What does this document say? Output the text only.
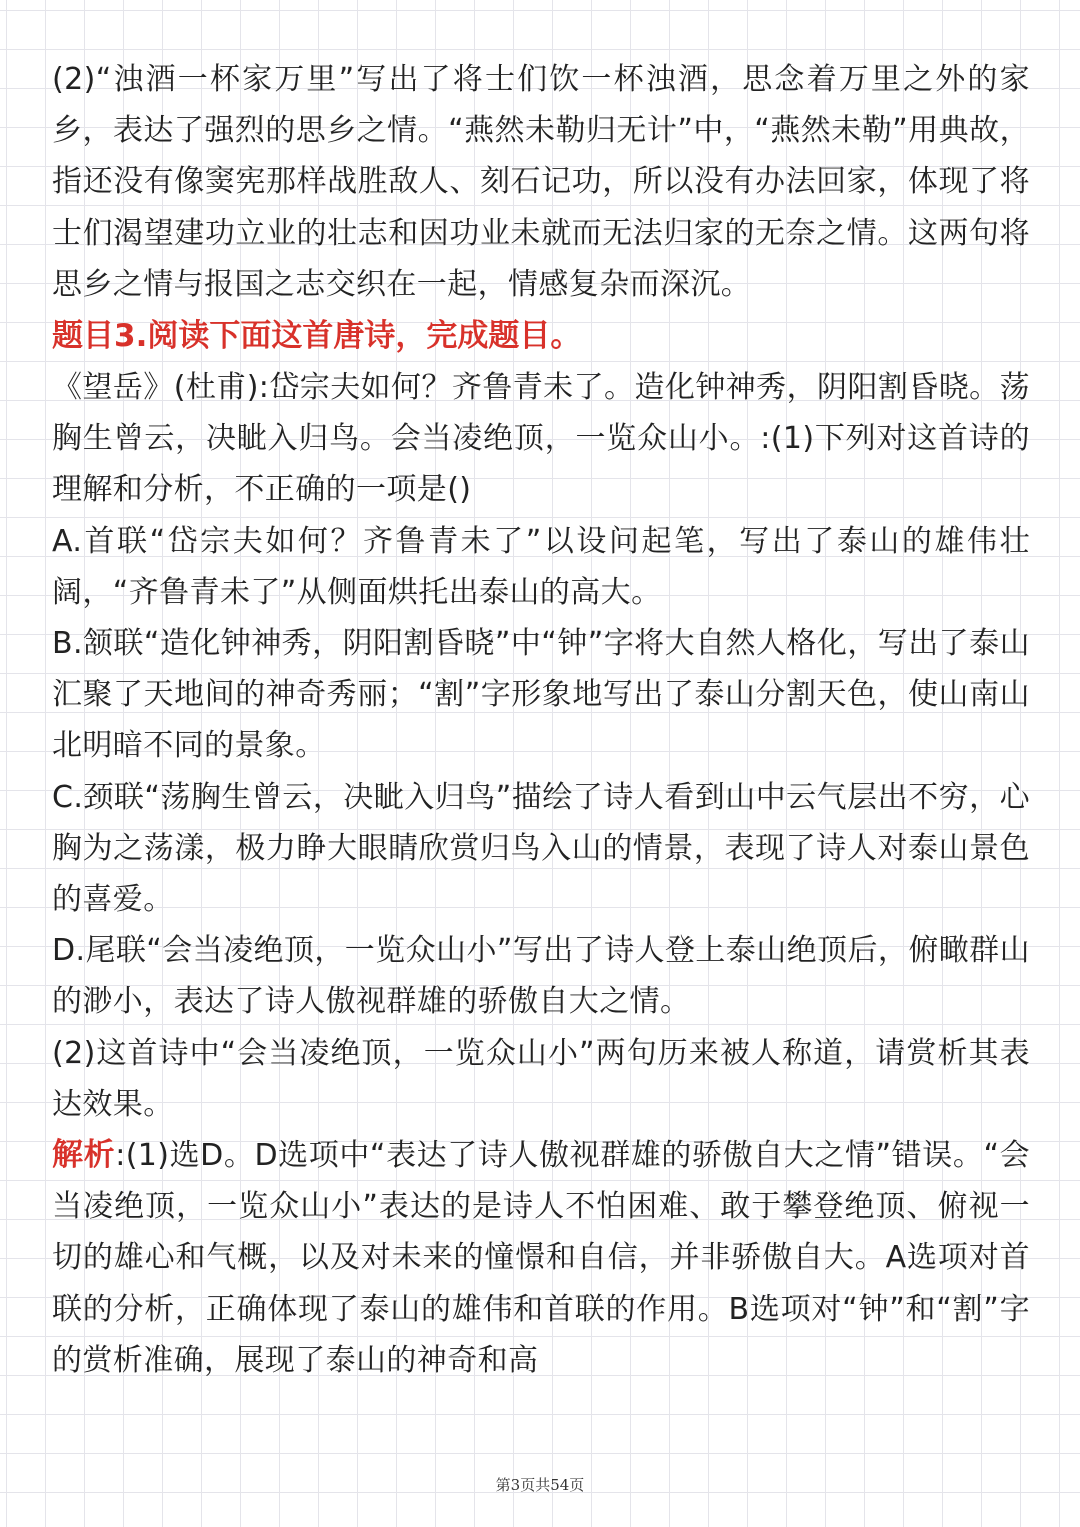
(2)“浊酒一杯家万里”写出了将士们饮一杯浊酒，思念着万里之外的家乡，表达了强烈的思乡之情。“燕然未勒归无计”中，“燕然未勒”用典故，指还没有像窦宪那样战胜敌人、刻石记功，所以没有办法回家，体现了将士们渴望建功立业的壮志和因功业未就而无法归家的无奈之情。这两句将思乡之情与报国之志交织在一起，情感复杂而深沉。

题目3.阅读下面这首唐诗，完成题目。

《望岳》(杜甫):岱宗夫如何？齐鲁青未了。造化钟神秀，阴阳割昏晓。荡胸生曾云，决眦入归鸟。会当凌绝顶，一览众山小。:(1)下列对这首诗的理解和分析，不正确的一项是()

A.首联“岱宗夫如何？齐鲁青未了”以设问起笔，写出了泰山的雄伟壮阔，“齐鲁青未了”从侧面烘托出泰山的高大。

B.颔联“造化钟神秀，阴阳割昏晓”中“钟”字将大自然人格化，写出了泰山汇聚了天地间的神奇秀丽；“割”字形象地写出了泰山分割天色，使山南山北明暗不同的景象。

C.颈联“荡胸生曾云，决眦入归鸟”描绘了诗人看到山中云气层出不穷，心胸为之荡漾，极力睁大眼睛欣赏归鸟入山的情景，表现了诗人对泰山景色的喜爱。

D.尾联“会当凌绝顶，一览众山小”写出了诗人登上泰山绝顶后，俯瞰群山的渺小，表达了诗人傲视群雄的骄傲自大之情。

(2)这首诗中“会当凌绝顶，一览众山小”两句历来被人称道，请赏析其表达效果。

解析:(1)选D。D选项中“表达了诗人傲视群雄的骄傲自大之情”错误。“会当凌绝顶，一览众山小”表达的是诗人不怕困难、敢于攀登绝顶、俯视一切的雄心和气概，以及对未来的憧憬和自信，并非骄傲自大。A选项对首联的分析，正确体现了泰山的雄伟和首联的作用。B选项对“钟”和“割”字的赏析准确，展现了泰山的神奇和高

第3页共54页
